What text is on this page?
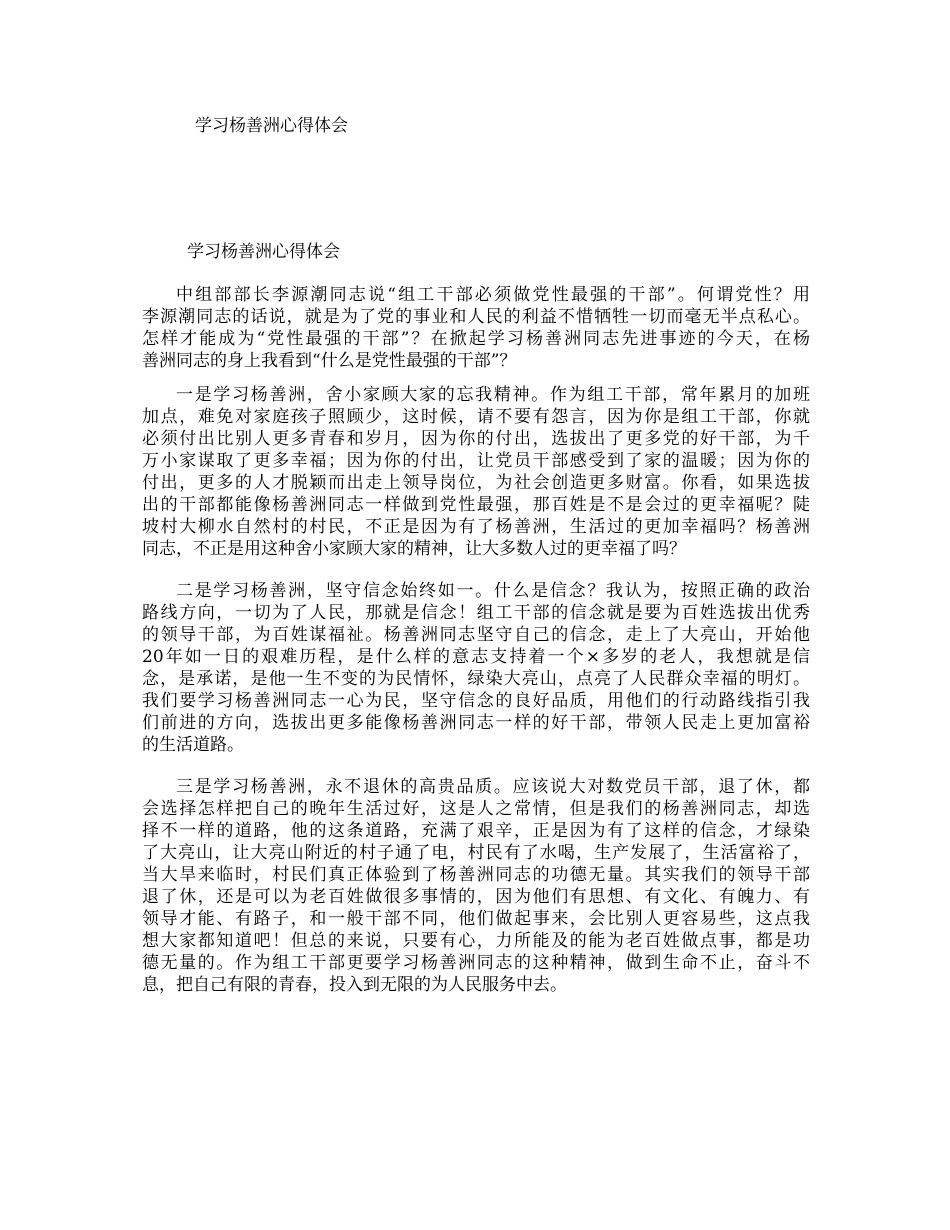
学习杨善洲心得体会
学习杨善洲心得体会
中组部部长李源潮同志说“组工干部必须做党性最强的干部”。何谓党性？用
李源潮同志的话说，就是为了党的事业和人民的利益不惜牺牲一切而毫无半点私心。
怎样才能成为“党性最强的干部”？在掀起学习杨善洲同志先进事迹的今天，在杨
善洲同志的身上我看到“什么是党性最强的干部”？
一是学习杨善洲，舍小家顾大家的忘我精神。作为组工干部，常年累月的加班
加点，难免对家庭孩子照顾少，这时候，请不要有怨言，因为你是组工干部，你就
必须付出比别人更多青春和岁月，因为你的付出，选拔出了更多党的好干部，为千
万小家谋取了更多幸福；因为你的付出，让党员干部感受到了家的温暖；因为你的
付出，更多的人才脱颖而出走上领导岗位，为社会创造更多财富。你看，如果选拔
出的干部都能像杨善洲同志一样做到党性最强，那百姓是不是会过的更幸福呢？陡
坡村大柳水自然村的村民，不正是因为有了杨善洲，生活过的更加幸福吗？杨善洲
同志，不正是用这种舍小家顾大家的精神，让大多数人过的更幸福了吗？
二是学习杨善洲，坚守信念始终如一。什么是信念？我认为，按照正确的政治
路线方向，一切为了人民，那就是信念！组工干部的信念就是要为百姓选拔出优秀
的领导干部，为百姓谋福祉。杨善洲同志坚守自己的信念，走上了大亮山，开始他
20年如一日的艰难历程，是什么样的意志支持着一个×多岁的老人，我想就是信
念，是承诺，是他一生不变的为民情怀，绿染大亮山，点亮了人民群众幸福的明灯。
我们要学习杨善洲同志一心为民，坚守信念的良好品质，用他们的行动路线指引我
们前进的方向，选拔出更多能像杨善洲同志一样的好干部，带领人民走上更加富裕
的生活道路。
三是学习杨善洲，永不退休的高贵品质。应该说大对数党员干部，退了休，都
会选择怎样把自己的晚年生活过好，这是人之常情，但是我们的杨善洲同志，却选
择不一样的道路，他的这条道路，充满了艰辛，正是因为有了这样的信念，才绿染
了大亮山，让大亮山附近的村子通了电，村民有了水喝，生产发展了，生活富裕了，
当大旱来临时，村民们真正体验到了杨善洲同志的功德无量。其实我们的领导干部
退了休，还是可以为老百姓做很多事情的，因为他们有思想、有文化、有魄力、有
领导才能、有路子，和一般干部不同，他们做起事来，会比别人更容易些，这点我
想大家都知道吧！但总的来说，只要有心，力所能及的能为老百姓做点事，都是功
德无量的。作为组工干部更要学习杨善洲同志的这种精神，做到生命不止，奋斗不
息，把自己有限的青春，投入到无限的为人民服务中去。
